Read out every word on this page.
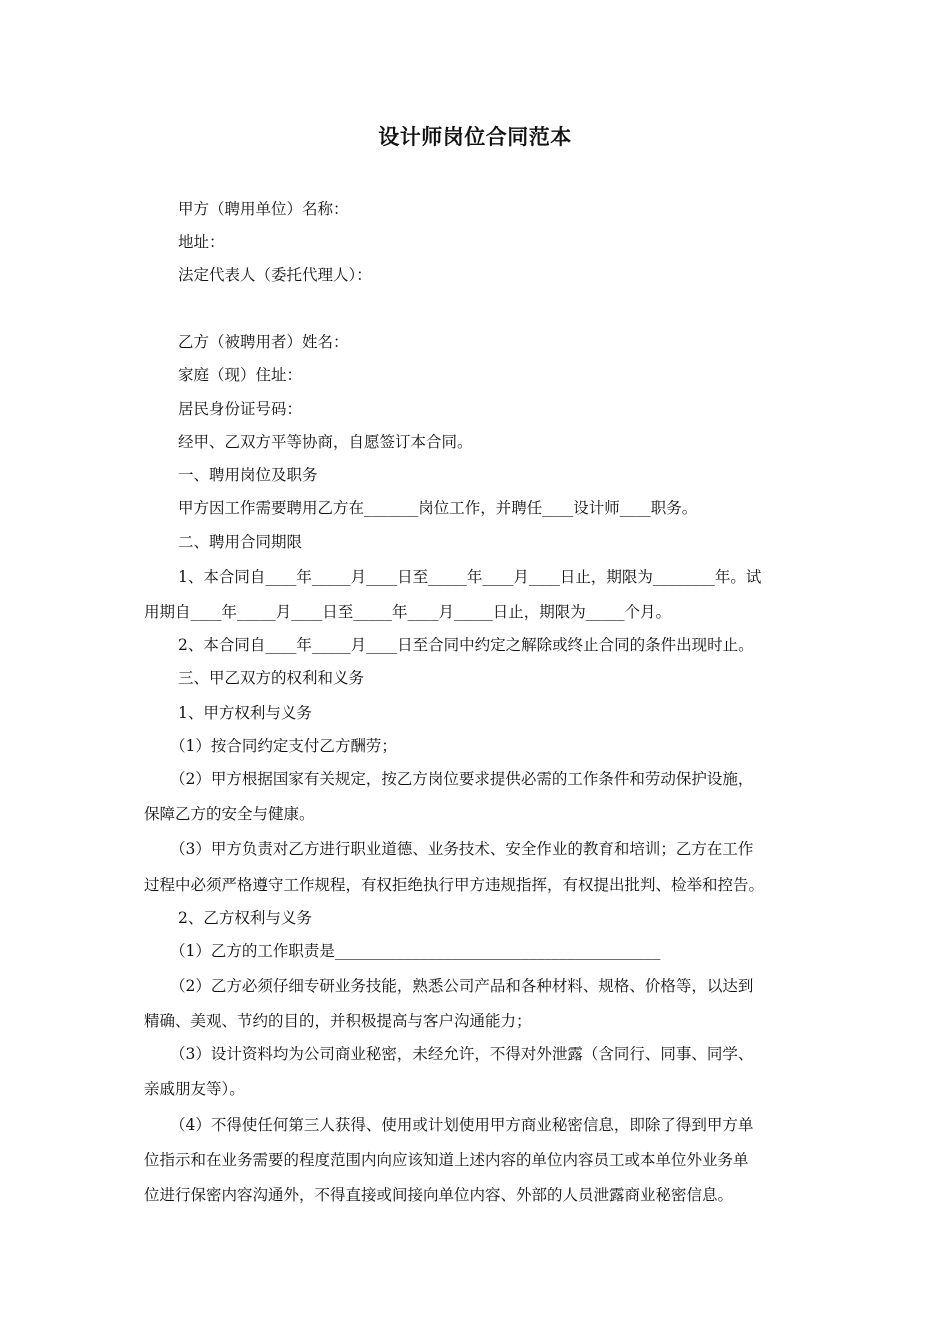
设计师岗位合同范本
甲方（聘用单位）名称：
地址：
法定代表人（委托代理人）：
乙方（被聘用者）姓名：
家庭（现）住址：
居民身份证号码：
经甲、乙双方平等协商，自愿签订本合同。
一、聘用岗位及职务
甲方因工作需要聘用乙方在_______岗位工作，并聘任____设计师____职务。
二、聘用合同期限
1、本合同自____年_____月____日至_____年____月____日止，期限为________年。试
用期自____年_____月____日至_____年____月_____日止，期限为_____个月。
2、本合同自____年_____月____日至合同中约定之解除或终止合同的条件出现时止。
三、甲乙双方的权利和义务
1、甲方权利与义务
（1）按合同约定支付乙方酬劳；
（2）甲方根据国家有关规定，按乙方岗位要求提供必需的工作条件和劳动保护设施，
保障乙方的安全与健康。
（3）甲方负责对乙方进行职业道德、业务技术、安全作业的教育和培训；乙方在工作
过程中必须严格遵守工作规程，有权拒绝执行甲方违规指挥，有权提出批判、检举和控告。
2、乙方权利与义务
（1）乙方的工作职责是__________________________________________
（2）乙方必须仔细专研业务技能，熟悉公司产品和各种材料、规格、价格等，以达到
精确、美观、节约的目的，并积极提高与客户沟通能力；
（3）设计资料均为公司商业秘密，未经允许，不得对外泄露（含同行、同事、同学、
亲戚朋友等）。
（4）不得使任何第三人获得、使用或计划使用甲方商业秘密信息，即除了得到甲方单
位指示和在业务需要的程度范围内向应该知道上述内容的单位内容员工或本单位外业务单
位进行保密内容沟通外，不得直接或间接向单位内容、外部的人员泄露商业秘密信息。
